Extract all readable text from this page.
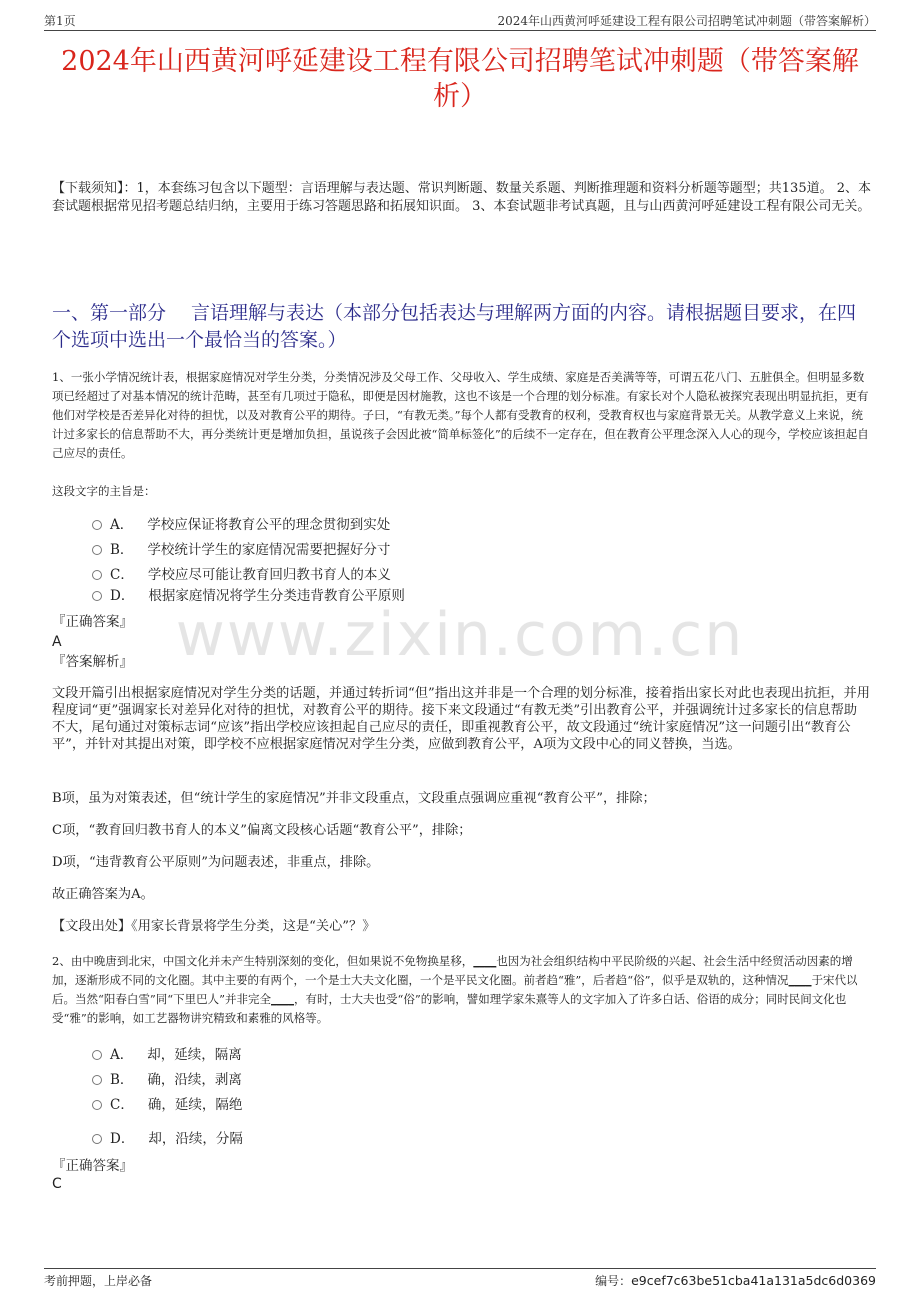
第1页	2024年山西黄河呼延建设工程有限公司招聘笔试冲刺题（带答案解析）
2024年山西黄河呼延建设工程有限公司招聘笔试冲刺题（带答案解析）
【下载须知】：1，本套练习包含以下题型：言语理解与表达题、常识判断题、数量关系题、判断推理题和资料分析题等题型；共135道。 2、本套试题根据常见招考题总结归纳，主要用于练习答题思路和拓展知识面。 3、本套试题非考试真题，且与山西黄河呼延建设工程有限公司无关。
一、第一部分　 言语理解与表达（本部分包括表达与理解两方面的内容。请根据题目要求，在四个选项中选出一个最恰当的答案。）
1、一张小学情况统计表，根据家庭情况对学生分类，分类情况涉及父母工作、父母收入、学生成绩、家庭是否美满等等，可谓五花八门、五脏俱全。但明显多数项已经超过了对基本情况的统计范畴，甚至有几项过于隐私，即便是因材施教，这也不该是一个合理的划分标准。有家长对个人隐私被探究表现出明显抗拒，更有他们对学校是否差异化对待的担忧，以及对教育公平的期待。子曰，“有教无类。”每个人都有受教育的权利，受教育权也与家庭背景无关。从教学意义上来说，统计过多家长的信息帮助不大，再分类统计更是增加负担，虽说孩子会因此被“简单标签化”的后续不一定存在，但在教育公平理念深入人心的现今，学校应该担起自己应尽的责任。
这段文字的主旨是：
A． 学校应保证将教育公平的理念贯彻到实处
B． 学校统计学生的家庭情况需要把握好分寸
C． 学校应尽可能让教育回归教书育人的本义
D． 根据家庭情况将学生分类违背教育公平原则
『正确答案』
A
『答案解析』
文段开篇引出根据家庭情况对学生分类的话题，并通过转折词“但”指出这并非是一个合理的划分标准，接着指出家长对此也表现出抗拒，并用程度词“更”强调家长对差异化对待的担忧，对教育公平的期待。接下来文段通过“有教无类”引出教育公平，并强调统计过多家长的信息帮助不大，尾句通过对策标志词“应该”指出学校应该担起自己应尽的责任，即重视教育公平，故文段通过“统计家庭情况”这一问题引出“教育公平”，并针对其提出对策，即学校不应根据家庭情况对学生分类，应做到教育公平，A项为文段中心的同义替换，当选。
B项，虽为对策表述，但“统计学生的家庭情况”并非文段重点，文段重点强调应重视“教育公平”，排除；
C项，“教育回归教书育人的本义”偏离文段核心话题“教育公平”，排除；
D项，“违背教育公平原则”为问题表述，非重点，排除。
故正确答案为A。
【文段出处】《用家长背景将学生分类，这是“关心”？》
2、由中晚唐到北宋，中国文化并未产生特别深刻的变化，但如果说不免物换星移，____也因为社会组织结构中平民阶级的兴起、社会生活中经贸活动因素的增加，逐渐形成不同的文化圈。其中主要的有两个，一个是士大夫文化圈，一个是平民文化圈。前者趋“雅”，后者趋“俗”，似乎是双轨的，这种情况____于宋代以后。当然“阳春白雪”同“下里巴人”并非完全____，有时，士大夫也受“俗”的影响，譬如理学家朱熹等人的文字加入了许多白话、俗语的成分；同时民间文化也受“雅”的影响，如工艺器物讲究精致和素雅的风格等。
A． 却，延续，隔离
B． 确，沿续，剥离
C． 确，延续，隔绝
D． 却，沿续，分隔
『正确答案』
C
www.zixin.com.cn
考前押题，上岸必备	编号：e9cef7c63be51cba41a131a5dc6d0369
